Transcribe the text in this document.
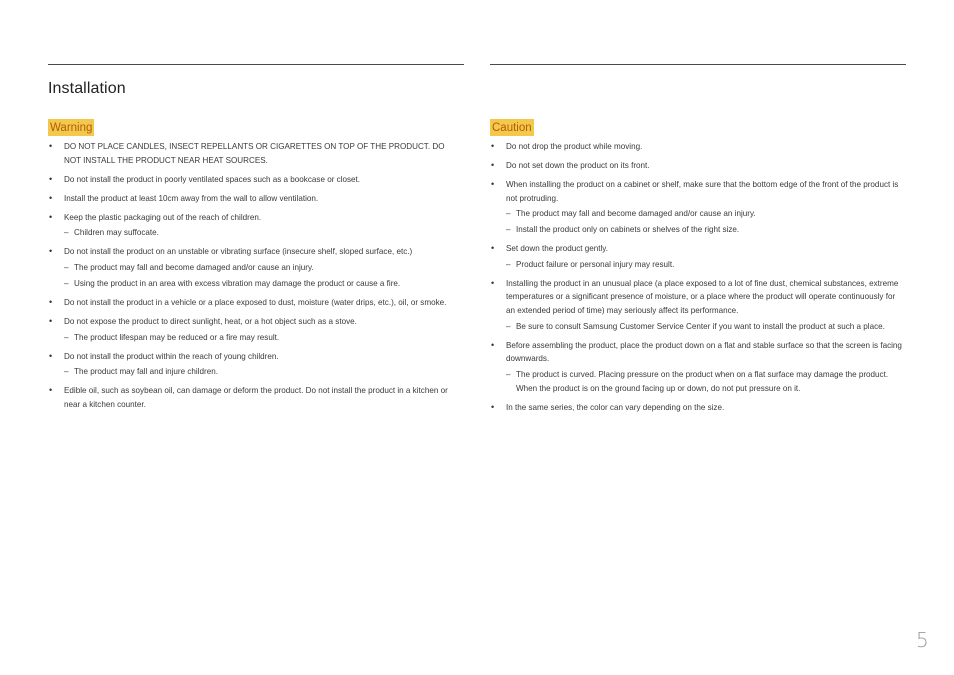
Installation
Warning
• DO NOT PLACE CANDLES, INSECT REPELLANTS OR CIGARETTES ON TOP OF THE PRODUCT. DO NOT INSTALL THE PRODUCT NEAR HEAT SOURCES.
• Do not install the product in poorly ventilated spaces such as a bookcase or closet.
• Install the product at least 10cm away from the wall to allow ventilation.
• Keep the plastic packaging out of the reach of children.
– Children may suffocate.
• Do not install the product on an unstable or vibrating surface (insecure shelf, sloped surface, etc.)
– The product may fall and become damaged and/or cause an injury.
– Using the product in an area with excess vibration may damage the product or cause a fire.
• Do not install the product in a vehicle or a place exposed to dust, moisture (water drips, etc.), oil, or smoke.
• Do not expose the product to direct sunlight, heat, or a hot object such as a stove.
– The product lifespan may be reduced or a fire may result.
• Do not install the product within the reach of young children.
– The product may fall and injure children.
• Edible oil, such as soybean oil, can damage or deform the product. Do not install the product in a kitchen or near a kitchen counter.
Caution
• Do not drop the product while moving.
• Do not set down the product on its front.
• When installing the product on a cabinet or shelf, make sure that the bottom edge of the front of the product is not protruding.
– The product may fall and become damaged and/or cause an injury.
– Install the product only on cabinets or shelves of the right size.
• Set down the product gently.
– Product failure or personal injury may result.
• Installing the product in an unusual place (a place exposed to a lot of fine dust, chemical substances, extreme temperatures or a significant presence of moisture, or a place where the product will operate continuously for an extended period of time) may seriously affect its performance.
– Be sure to consult Samsung Customer Service Center if you want to install the product at such a place.
• Before assembling the product, place the product down on a flat and stable surface so that the screen is facing downwards.
– The product is curved. Placing pressure on the product when on a flat surface may damage the product. When the product is on the ground facing up or down, do not put pressure on it.
• In the same series, the color can vary depending on the size.
5
